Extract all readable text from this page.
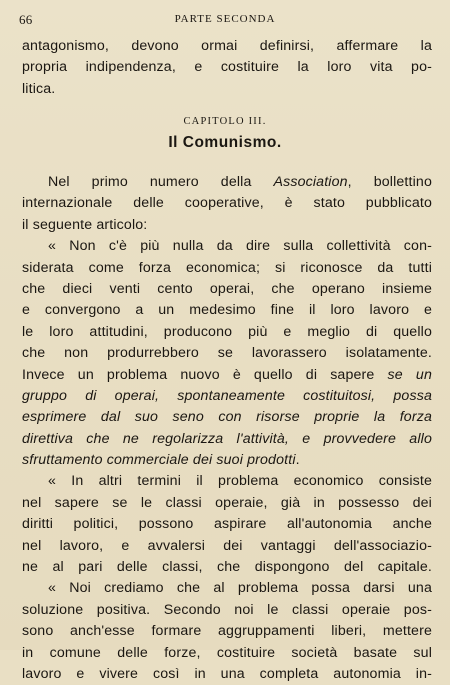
66	PARTE SECONDA
antagonismo, devono ormai definirsi, affermare la
propria indipendenza, e costituire la loro vita po-
litica.
CAPITOLO III.
Il Comunismo.
Nel primo numero della Association, bollettino
internazionale delle cooperative, è stato pubblicato
il seguente articolo:
« Non c'è più nulla da dire sulla collettività con-
siderata come forza economica; si riconosce da tutti
che dieci venti cento operai, che operano insieme
e convergono a un medesimo fine il loro lavoro e
le loro attitudini, producono più e meglio di quello
che non produrrebbero se lavorassero isolatamente.
Invece un problema nuovo è quello di sapere se un
gruppo di operai, spontaneamente costituitosi, possa
esprimere dal suo seno con risorse proprie la forza
direttiva che ne regolarizza l'attività, e provvedere allo
sfruttamento commerciale dei suoi prodotti.
« In altri termini il problema economico consiste
nel sapere se le classi operaie, già in possesso dei
diritti politici, possono aspirare all'autonomia anche
nel lavoro, e avvalersi dei vantaggi dell'associazio-
ne al pari delle classi, che dispongono del capitale.
« Noi crediamo che al problema possa darsi una
soluzione positiva. Secondo noi le classi operaie pos-
sono anch'esse formare aggruppamenti liberi, mettere
in comune delle forze, costituire società basate sul
lavoro e vivere così in una completa autonomia in-
